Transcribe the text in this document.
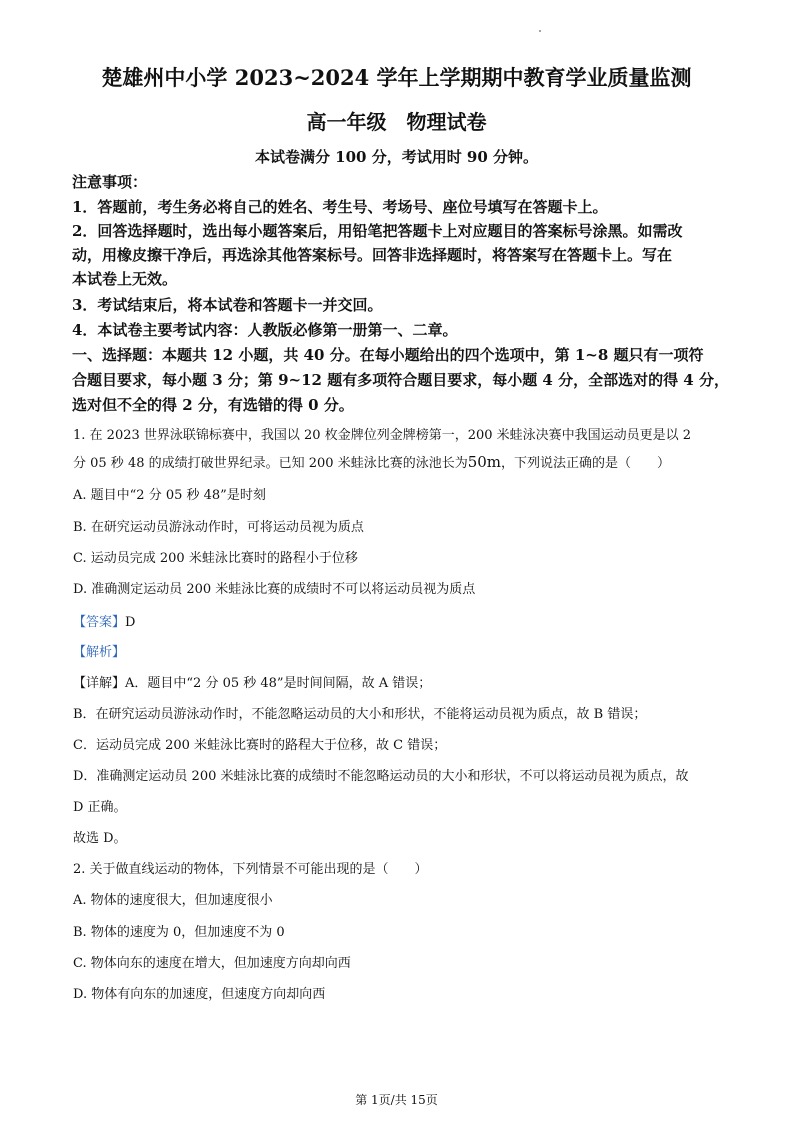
楚雄州中小学 2023~2024 学年上学期期中教育学业质量监测
高一年级　物理试卷
本试卷满分 100 分，考试用时 90 分钟。
注意事项：
1．答题前，考生务必将自己的姓名、考生号、考场号、座位号填写在答题卡上。
2．回答选择题时，选出每小题答案后，用铅笔把答题卡上对应题目的答案标号涂黑。如需改
动，用橡皮擦干净后，再选涂其他答案标号。回答非选择题时，将答案写在答题卡上。写在
本试卷上无效。
3．考试结束后，将本试卷和答题卡一并交回。
4．本试卷主要考试内容：人教版必修第一册第一、二章。
一、选择题：本题共 12 小题，共 40 分。在每小题给出的四个选项中，第 1~8 题只有一项符
合题目要求，每小题 3 分；第 9~12 题有多项符合题目要求，每小题 4 分，全部选对的得 4 分，
选对但不全的得 2 分，有选错的得 0 分。
1. 在 2023 世界泳联锦标赛中，我国以 20 枚金牌位列金牌榜第一，200 米蛙泳决赛中我国运动员更是以 2
分 05 秒 48 的成绩打破世界纪录。已知 200 米蛙泳比赛的泳池长为50m，下列说法正确的是（　　）
A. 题目中“2 分 05 秒 48”是时刻
B. 在研究运动员游泳动作时，可将运动员视为质点
C. 运动员完成 200 米蛙泳比赛时的路程小于位移
D. 准确测定运动员 200 米蛙泳比赛的成绩时不可以将运动员视为质点
【答案】D
【解析】
【详解】A．题目中“2 分 05 秒 48”是时间间隔，故 A 错误；
B．在研究运动员游泳动作时，不能忽略运动员的大小和形状，不能将运动员视为质点，故 B 错误；
C．运动员完成 200 米蛙泳比赛时的路程大于位移，故 C 错误；
D．准确测定运动员 200 米蛙泳比赛的成绩时不能忽略运动员的大小和形状，不可以将运动员视为质点，故
D 正确。
故选 D。
2. 关于做直线运动的物体，下列情景不可能出现的是（　　）
A. 物体的速度很大，但加速度很小
B. 物体的速度为 0，但加速度不为 0
C. 物体向东的速度在增大，但加速度方向却向西
D. 物体有向东的加速度，但速度方向却向西
第 1页/共 15页
